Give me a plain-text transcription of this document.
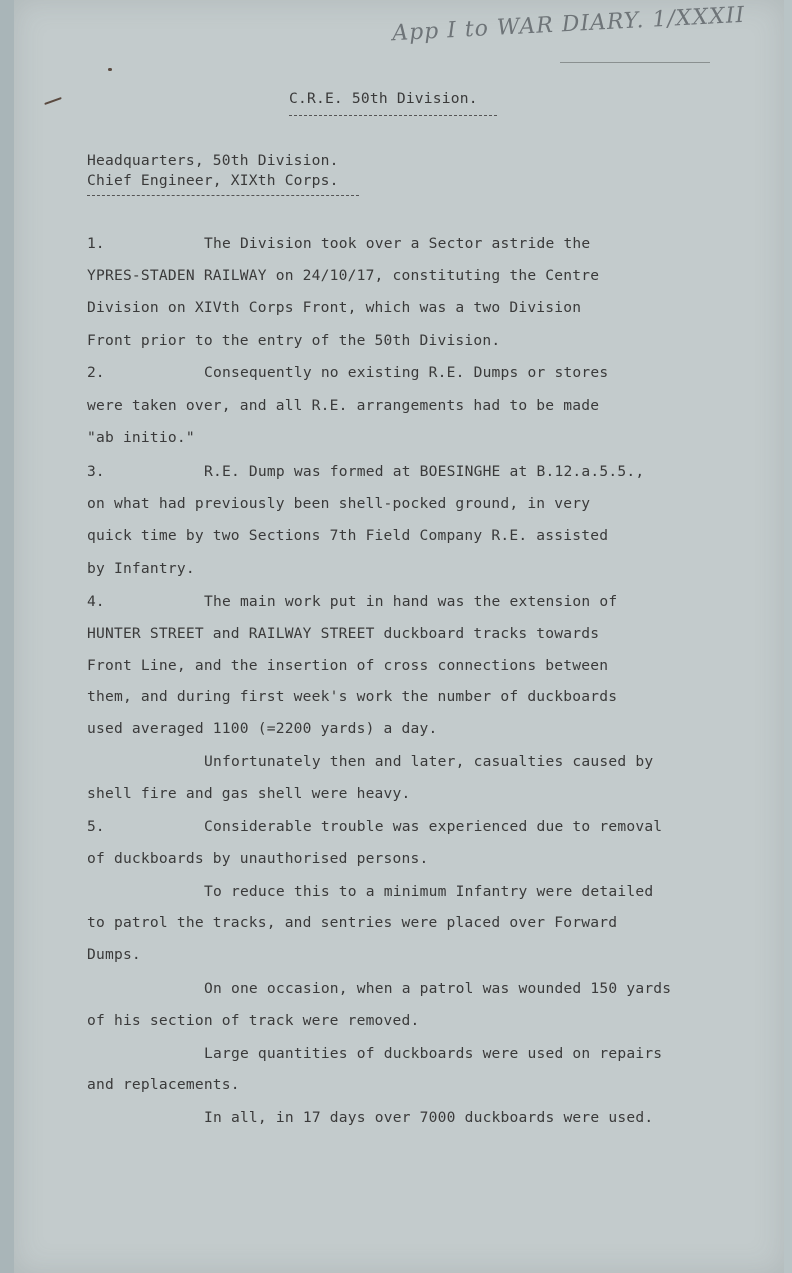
App I to WAR DIARY. 1/XXXII
C.R.E. 50th Division.
Headquarters, 50th Division.
Chief Engineer, XIXth Corps.
1.	The Division took over a Sector astride the
YPRES-STADEN RAILWAY on 24/10/17, constituting the Centre
Division on XIVth Corps Front, which was a two Division
Front prior to the entry of the 50th Division.
2.	Consequently no existing R.E. Dumps or stores
were taken over, and all R.E. arrangements had to be made
"ab initio."
3.	R.E. Dump was formed at BOESINGHE at B.12.a.5.5.,
on what had previously been shell-pocked ground, in very
quick time by two Sections 7th Field Company R.E. assisted
by Infantry.
4.	The main work put in hand was the extension of
HUNTER STREET and RAILWAY STREET duckboard tracks towards
Front Line, and the insertion of cross connections between
them, and during first week's work the number of duckboards
used averaged 1100 (=2200 yards) a day.
Unfortunately then and later, casualties caused by
shell fire and gas shell were heavy.
5.	Considerable trouble was experienced due to removal
of duckboards by unauthorised persons.
To reduce this to a minimum Infantry were detailed
to patrol the tracks, and sentries were placed over Forward
Dumps.
On one occasion, when a patrol was wounded 150 yards
of his section of track were removed.
Large quantities of duckboards were used on repairs
and replacements.
In all, in 17 days over 7000 duckboards were used.
